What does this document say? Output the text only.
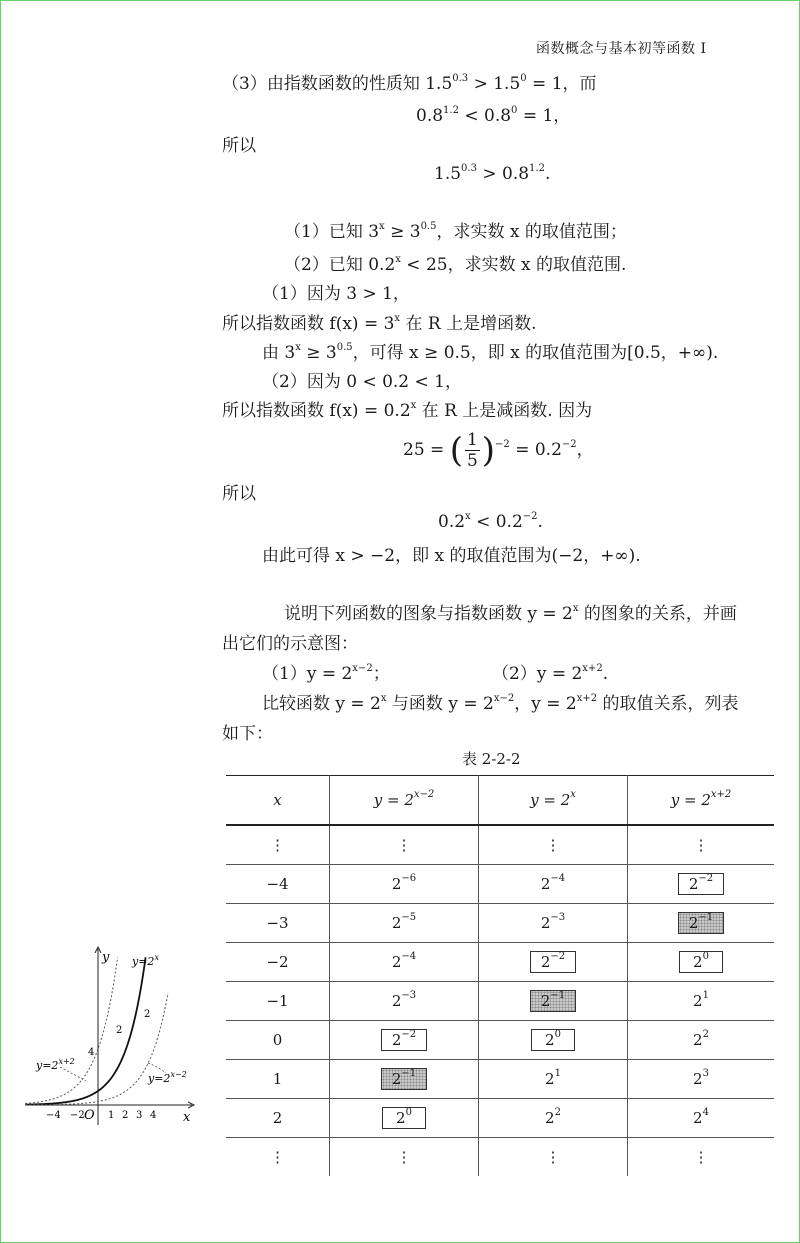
函数概念与基本初等函数 I
（3）由指数函数的性质知 $1.5^{0.3} > 1.5^0 = 1$，而
$0.8^{1.2} < 0.8^0 = 1$，
所以
$1.5^{0.3} > 0.8^{1.2}$.
（1）已知 $3^x \ge 3^{0.5}$，求实数 x 的取值范围；
（2）已知 $0.2^x < 25$，求实数 x 的取值范围.
（1）因为 3 > 1，
所以指数函数 $f(x) = 3^x$ 在 R 上是增函数.
由 $3^x \ge 3^{0.5}$，可得 x ≥ 0.5，即 x 的取值范围为[0.5，+∞).
（2）因为 0 < 0.2 < 1，
所以指数函数 $f(x) = 0.2^x$ 在 R 上是减函数. 因为
25 = ( $\frac{1}{5} )^{-2} = 0.2^{-2}$，
所以
$0.2^x < 0.2^{-2}$.
由此可得 x > −2，即 x 的取值范围为(−2，+∞).
说明下列函数的图象与指数函数 $y = 2^x$ 的图象的关系，并画
出它们的示意图：
$(1)y = 2^{x-2}$；	$(2)y = 2^{x+2}$.
比较函数 $y = 2^x$ 与函数 $y = 2^{x-2}$，$y = 2^{x+2}$ 的取值关系，列表
如下：
表 2-2-2
x	$y = 2^{x-2}$	$y = 2^x$	$y = 2^{x+2}$
⋮	⋮	⋮	⋮
−4	$2^{-6}$	$2^{-4}$	$2^{-2}$
−3	$2^{-5}$	$2^{-3}$	$2^{-1}$
−2	$2^{-4}$	$2^{-2}$	$2^0$
−1	$2^{-3}$	$2^{-1}$	$2^1$
0	$2^{-2}$	$2^0$	$2^2$
1	$2^{-1}$	$2^1$	$2^3$
2	$2^0$	$2^2$	$2^4$
⋮	⋮	⋮	⋮
y
x
O
$y=2^x$
$y=2^{x+2}$
$y=2^{x-2}$
2
2
4
−4 −2 1 2 3 4
